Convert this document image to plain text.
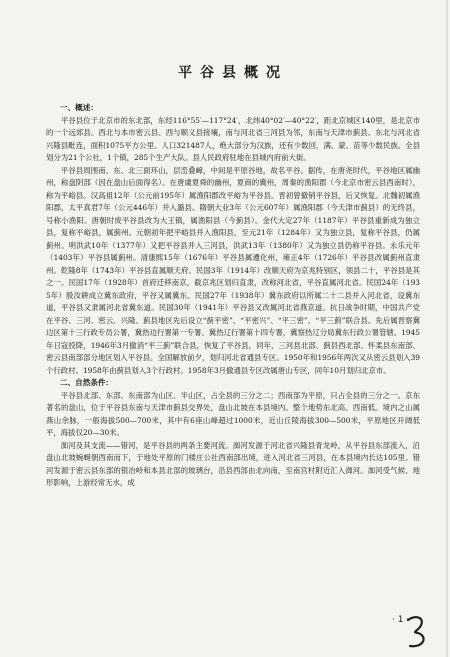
平谷县概况

一、概述：

平谷县位于北京市的东北部，东经116°55′—117°24′，北纬40°02′—40°22′，距北京城区140里，是北京市的一个远郊县。西北与本市密云县、西与顺义县接壤，南与河北省三河县为邻，东南与天津市蓟县、东北与河北省兴隆县毗连，面积1075平方公里。人口321487人，绝大部分为汉族，还有少数回、满、蒙、苗等少数民族。全县划分为21个公社，1个镇，285个生产大队。县人民政府驻地在县城内府前大街。

平谷县周围南、东、北三面环山，层峦叠嶂，中间是平原谷地，故名平谷。据传，在唐尧时代，平谷地区属幽州，称盘阴部（因在盘山后面得名）。在唐虞夏舜的幽州，夏商的冀州，周秦的渔阳郡（今北京市密云县西南时），称为平峪县。汉高祖12年（公元前195年）属渔阳郡改平峪为平谷县。晋初曾撤销平谷县，后又恢复。北魏初属渔阳郡，太平真君7年（公元446年）并入潞县。隋朝大业3年（公元607年）属渔阳郡（今天津市蓟县）的无终县，号称小渔阳。唐朝时废平谷县改为大王镇，属渔阳县（今蓟县）。金代大定27年（1187年）平谷县重新成为独立县，复称平峪县，属蓟州。元朝初年把平峪县并入渔阳县，至元21年（1284年）又为独立县，复称平谷县，仍属蓟州。明洪武10年（1377年）又把平谷县并入三河县，洪武13年（1380年）又为独立县仍称平谷县。永乐元年（1403年）平谷县属蓟州。清康熙15年（1676年）平谷县属遵化州，雍正4年（1726年）平谷县改属蓟州直隶州。乾隆8年（1743年）平谷县直属顺天府。民国3年（1914年）改顺天府为京兆特别区，领县二十，平谷县是其之一。民国17年（1928年）首府迁移南京，截京兆区划归直隶，改称河北省，平谷直属河北省。民国24年（1935年）殷汝耕成立冀东政府，平谷又属冀东。民国27年（1938年）冀东政府以所属二十二县并入河北省，设冀东道，平谷县又隶属河北省冀东道。民国30年（1941年）平谷县又改属河北省燕京道。抗日战争时期，中国共产党在平谷、三河、密云、兴隆、蓟县地区先后设立“蓟平密”、“平密兴”、“平三密”、“平三蓟”联合县。先后属晋察冀边区第十三行政专员公署，冀热边行署第一专署、冀热辽行署第十四专署，冀察热辽分局冀东行政公署管辖。1945年日寇投降，1946年3月撤消“平三蓟”联合县，恢复了平谷县，同年，三河县北部、蓟县西北部、怀柔县东南部、密云县南部部分地区划入平谷县。全国解放前夕，划归河北省通县专区。1950年和1956年两次又从密云县划入39个行政村。1958年由蓟县划入3个行政村。1958年3月撤通县专区改属唐山专区，同年10月划归北京市。

二、自然条件：

平谷县北部、东部、东南部为山区、半山区，占全县的三分之二；西南部为平原，只占全县的三分之一。京东著名的盘山，位于平谷县东南与天津市蓟县交界处，盘山北坡在本县境内。整个地势东北高、西南低。境内之山属燕山余脉，一般海拔500—700米，其中有6座山峰超过1000米，近山丘陵海拔300—500米，平原地区开阔低平，海拔仅20—30米。

洳河及其支流——错河，是平谷县的两条主要河流。洳河发源于河北省兴隆县青龙岭，从平谷县东部流入，沿盘山北坡蜿蜒朝西南而下，于地处平原的门楼庄公社西南部出境，进入河北省三河县，在本县境内长达105里。错河发源于密云县东部的银冶岭和本县北部的玻璃台，沿县西部由北向南，至南宫村附近汇入洳河。洳河受气候、地形影响，上游经常无水，成

· 1 ·
